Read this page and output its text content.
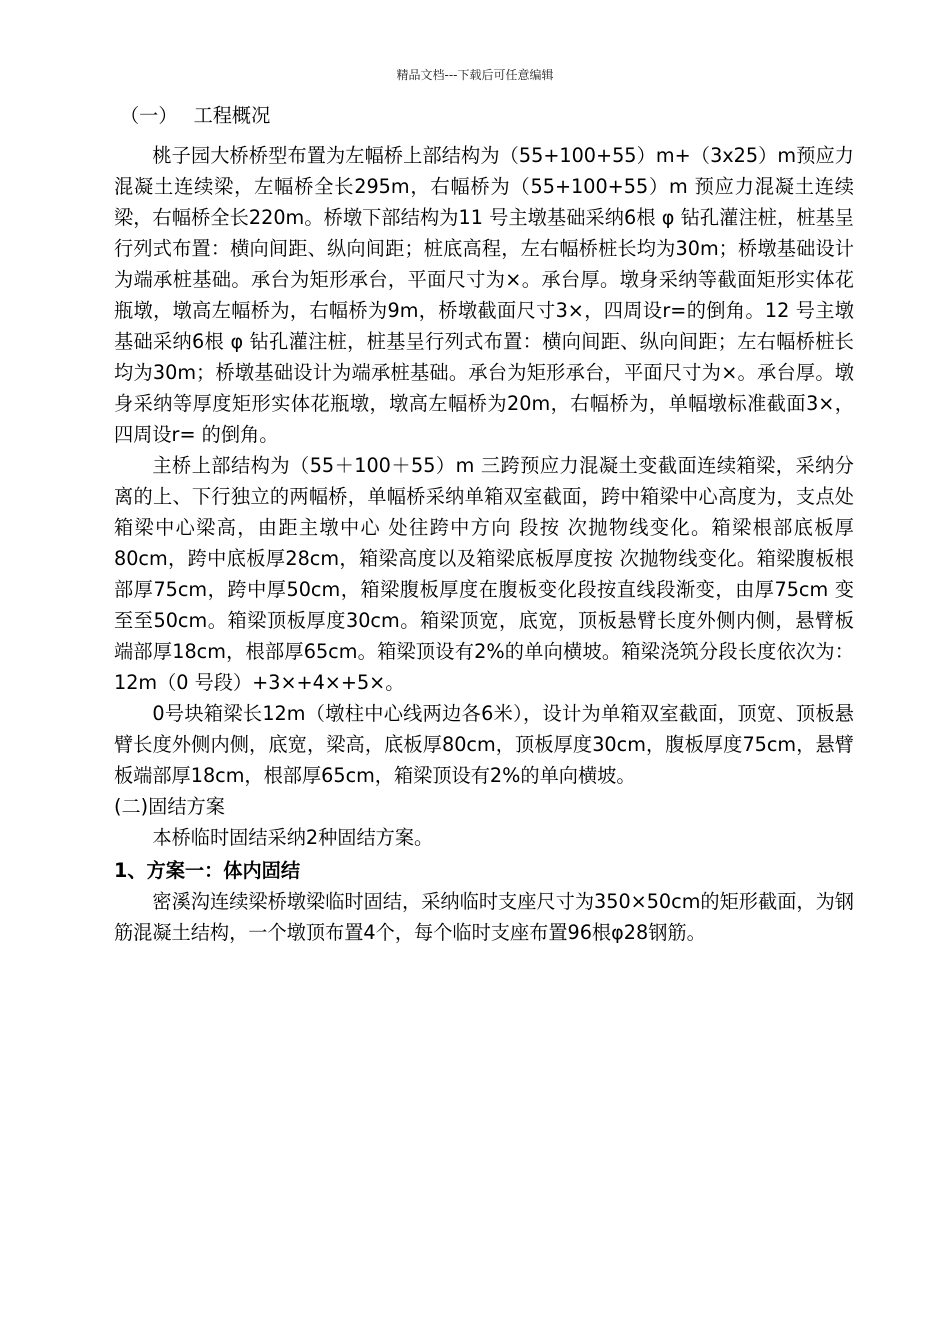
精品文档---下载后可任意编辑

（一） 工程概况

桃子园大桥桥型布置为左幅桥上部结构为（55+100+55）m+（3x25）m预应力混凝土连续梁，左幅桥全长295m，右幅桥为（55+100+55）m 预应力混凝土连续梁，右幅桥全长220m。桥墩下部结构为11 号主墩基础采纳6根 φ 钻孔灌注桩，桩基呈行列式布置：横向间距、纵向间距；桩底高程，左右幅桥桩长均为30m；桥墩基础设计为端承桩基础。承台为矩形承台，平面尺寸为×。承台厚。墩身采纳等截面矩形实体花瓶墩，墩高左幅桥为，右幅桥为9m，桥墩截面尺寸3×，四周设r=的倒角。12 号主墩基础采纳6根 φ 钻孔灌注桩，桩基呈行列式布置：横向间距、纵向间距；左右幅桥桩长均为30m；桥墩基础设计为端承桩基础。承台为矩形承台，平面尺寸为×。承台厚。墩身采纳等厚度矩形实体花瓶墩，墩高左幅桥为20m，右幅桥为，单幅墩标准截面3×，四周设r= 的倒角。

主桥上部结构为（55＋100＋55）m 三跨预应力混凝土变截面连续箱梁，采纳分离的上、下行独立的两幅桥，单幅桥采纳单箱双室截面，跨中箱梁中心高度为，支点处箱梁中心梁高，由距主墩中心 处往跨中方向 段按 次抛物线变化。箱梁根部底板厚80cm，跨中底板厚28cm，箱梁高度以及箱梁底板厚度按 次抛物线变化。箱梁腹板根部厚75cm，跨中厚50cm，箱梁腹板厚度在腹板变化段按直线段渐变，由厚75cm 变至至50cm。箱梁顶板厚度30cm。箱梁顶宽，底宽，顶板悬臂长度外侧内侧，悬臂板端部厚18cm，根部厚65cm。箱梁顶设有2%的单向横坡。箱梁浇筑分段长度依次为：12m（0 号段）+3×+4×+5×。

0号块箱梁长12m（墩柱中心线两边各6米），设计为单箱双室截面，顶宽、顶板悬臂长度外侧内侧，底宽，梁高，底板厚80cm，顶板厚度30cm，腹板厚度75cm，悬臂板端部厚18cm，根部厚65cm，箱梁顶设有2%的单向横坡。

(二)固结方案

本桥临时固结采纳2种固结方案。

1、方案一：体内固结

密溪沟连续梁桥墩梁临时固结，采纳临时支座尺寸为350×50cm的矩形截面，为钢筋混凝土结构，一个墩顶布置4个，每个临时支座布置96根φ28钢筋。
